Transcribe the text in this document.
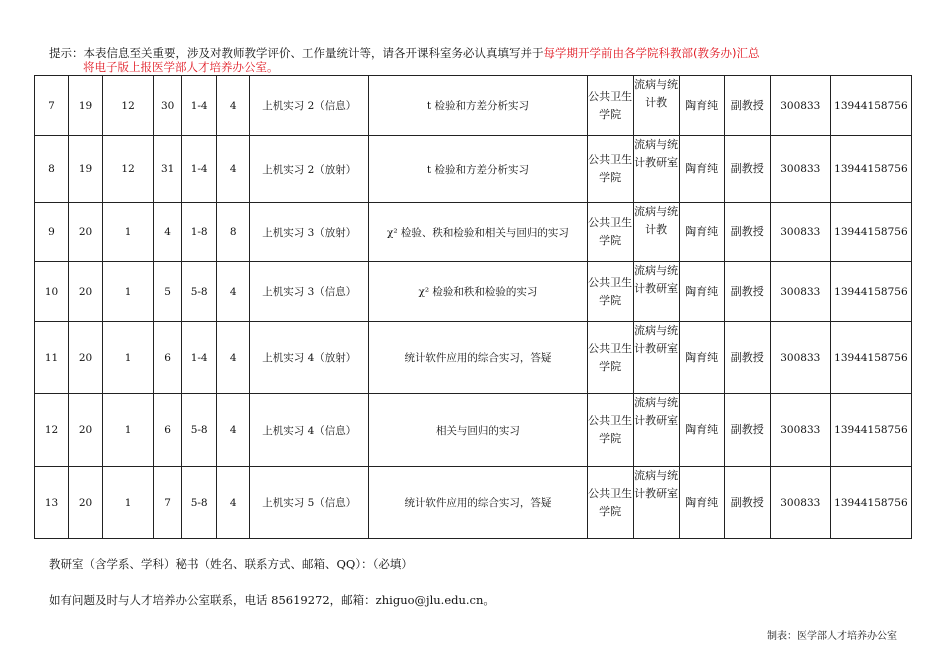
提示：本表信息至关重要，涉及对教师教学评价、工作量统计等，请各开课科室务必认真填写并于每学期开学前由各学院科教部(教务办)汇总
将电子版上报医学部人才培养办公室。
7	19	12	30	1-4	4	上机实习 2（信息）	t 检验和方差分析实习	公共卫生学院	流病与统计教	陶育纯	副教授	300833	13944158756
8	19	12	31	1-4	4	上机实习 2（放射）	t 检验和方差分析实习	公共卫生学院	流病与统计教研室	陶育纯	副教授	300833	13944158756
9	20	1	4	1-8	8	上机实习 3（放射）	χ² 检验、秩和检验和相关与回归的实习	公共卫生学院	流病与统计教	陶育纯	副教授	300833	13944158756
10	20	1	5	5-8	4	上机实习 3（信息）	χ² 检验和秩和检验的实习	公共卫生学院	流病与统计教研室	陶育纯	副教授	300833	13944158756
11	20	1	6	1-4	4	上机实习 4（放射）	统计软件应用的综合实习，答疑	公共卫生学院	流病与统计教研室	陶育纯	副教授	300833	13944158756
12	20	1	6	5-8	4	上机实习 4（信息）	相关与回归的实习	公共卫生学院	流病与统计教研室	陶育纯	副教授	300833	13944158756
13	20	1	7	5-8	4	上机实习 5（信息）	统计软件应用的综合实习，答疑	公共卫生学院	流病与统计教研室	陶育纯	副教授	300833	13944158756
教研室（含学系、学科）秘书（姓名、联系方式、邮箱、QQ）：（必填）
如有问题及时与人才培养办公室联系，电话 85619272，邮箱：zhiguo@jlu.edu.cn。
制表：医学部人才培养办公室
